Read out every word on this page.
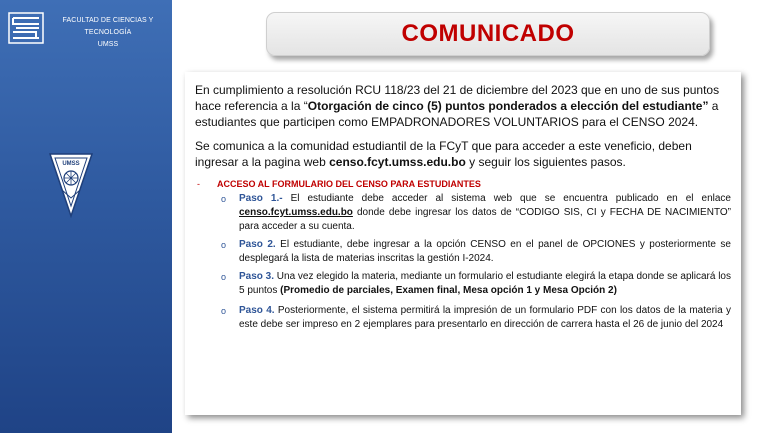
FACULTAD DE CIENCIAS Y TECNOLOGÍA
UMSS
UMSS
COMUNICADO

En cumplimiento a resolución RCU 118/23 del 21 de diciembre del 2023 que en uno de sus puntos hace referencia a la “Otorgación de cinco (5) puntos ponderados a elección del estudiante” a estudiantes que participen como EMPADRONADORES VOLUNTARIOS para el CENSO 2024.

Se comunica a la comunidad estudiantil de la FCyT que para acceder a este veneficio, deben ingresar a la pagina web censo.fcyt.umss.edu.bo y seguir los siguientes pasos.

-	ACCESO AL FORMULARIO DEL CENSO PARA ESTUDIANTES
o	Paso 1.- El estudiante debe acceder al sistema web que se encuentra publicado en el enlace censo.fcyt.umss.edu.bo donde debe ingresar los datos de “CODIGO SIS, CI y FECHA DE NACIMIENTO” para acceder a su cuenta.
o	Paso 2. El estudiante, debe ingresar a la opción CENSO en el panel de OPCIONES y posteriormente se desplegará la lista de materias inscritas la gestión I-2024.
o	Paso 3. Una vez elegido la materia, mediante un formulario el estudiante elegirá la etapa donde se aplicará los 5 puntos (Promedio de parciales, Examen final, Mesa opción 1 y Mesa Opción 2)
o	Paso 4. Posteriormente, el sistema permitirá la impresión de un formulario PDF con los datos de la materia y este debe ser impreso en 2 ejemplares para presentarlo en dirección de carrera hasta el 26 de junio del 2024
